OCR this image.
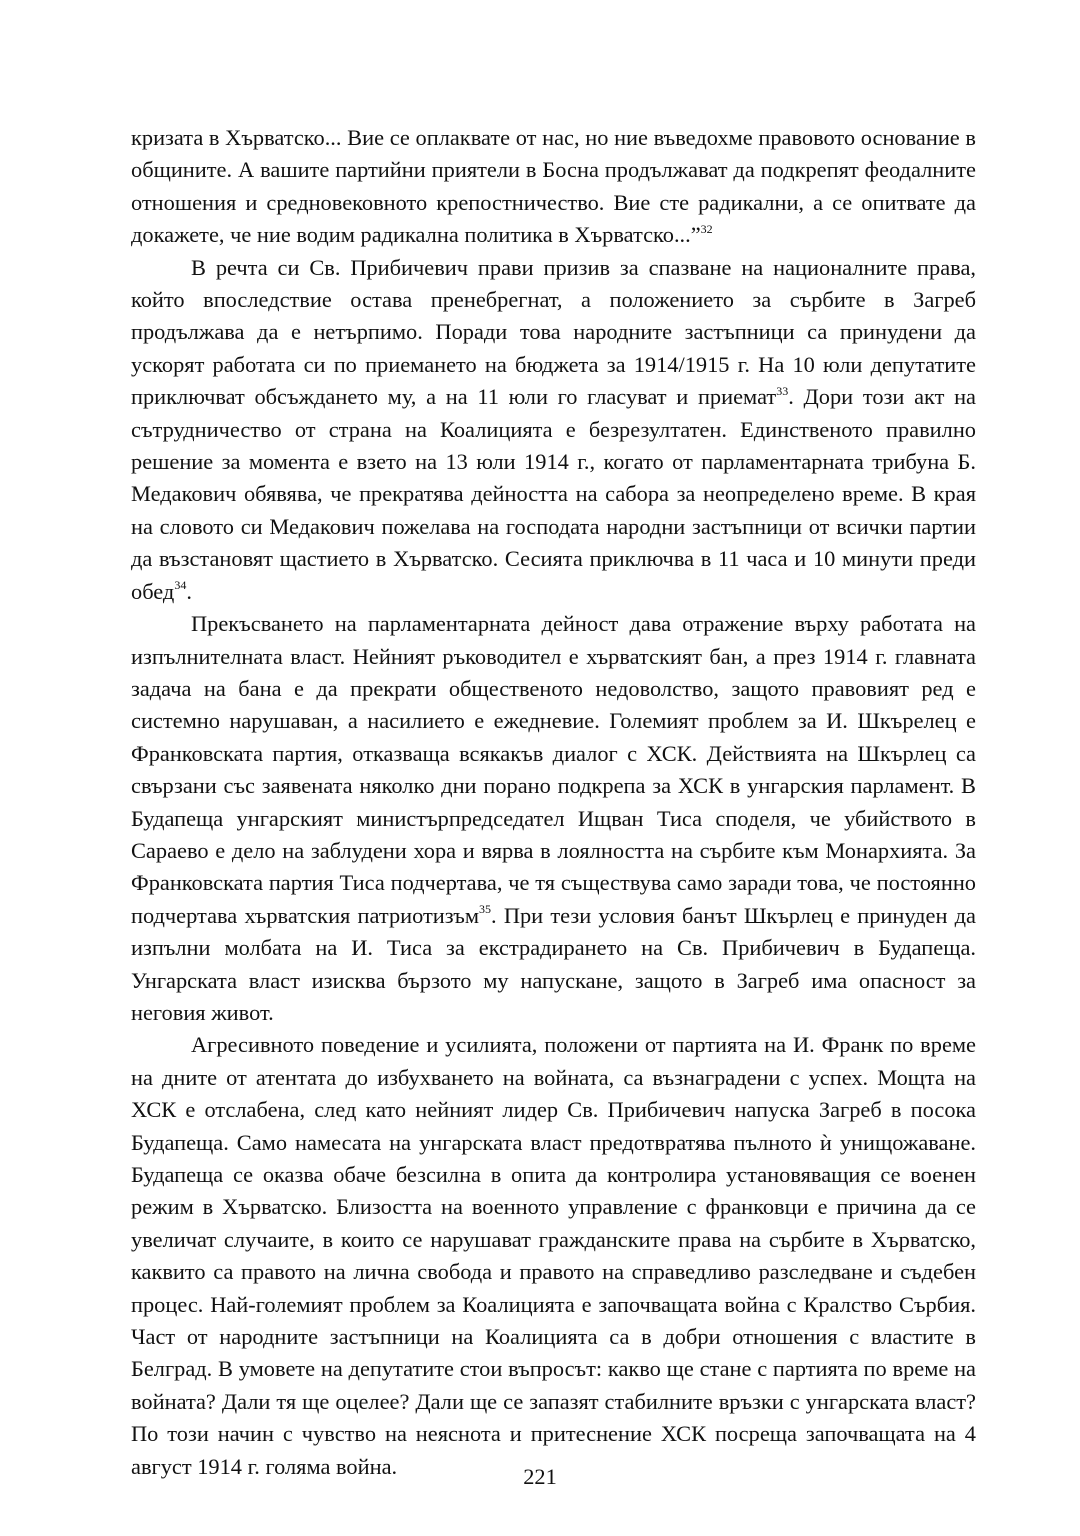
кризата в Хърватско... Вие се оплаквате от нас, но ние въведохме правовото основание в общините. А вашите партийни приятели в Босна продължават да подкрепят феодалните отношения и средновековното крепостничество. Вие сте радикални, а се опитвате да докажете, че ние водим радикална политика в Хърватско...”$^{32}$

В речта си Св. Прибичевич прави призив за спазване на националните права, който впоследствие остава пренебрегнат, а положението за сърбите в Загреб продължава да е нетърпимо. Поради това народните застъпници са принудени да ускорят работата си по приемането на бюджета за 1914/1915 г. На 10 юли депутатите приключват обсъждането му, а на 11 юли го гласуват и приемат$^{33}$. Дори този акт на сътрудничество от страна на Коалицията е безрезултатен. Единственото правилно решение за момента е взето на 13 юли 1914 г., когато от парламентарната трибуна Б. Медакович обявява, че прекратява дейността на сабора за неопределено време. В края на словото си Медакович пожелава на господата народни застъпници от всички партии да възстановят щастието в Хърватско. Сесията приключва в 11 часа и 10 минути преди обед$^{34}$.

Прекъсването на парламентарната дейност дава отражение върху работата на изпълнителната власт. Нейният ръководител е хърватският бан, а през 1914 г. главната задача на бана е да прекрати общественото недоволство, защото правовият ред е системно нарушаван, а насилието е ежедневие. Големият проблем за И. Шкърелец е Франковската партия, отказваща всякакъв диалог с ХСК. Действията на Шкърлец са свързани със заявената няколко дни порано подкрепа за ХСК в унгарския парламент. В Будапеща унгарският министърпредседател Ищван Тиса споделя, че убийството в Сараево е дело на заблудени хора и вярва в лоялността на сърбите към Монархията. За Франковската партия Тиса подчертава, че тя съществува само заради това, че постоянно подчертава хърватския патриотизъм$^{35}$. При тези условия банът Шкърлец е принуден да изпълни молбата на И. Тиса за екстрадирането на Св. Прибичевич в Будапеща. Унгарската власт изисква бързото му напускане, защото в Загреб има опасност за неговия живот.

Агресивното поведение и усилията, положени от партията на И. Франк по време на дните от атентата до избухването на войната, са възнаградени с успех. Мощта на ХСК е отслабена, след като нейният лидер Св. Прибичевич напуска Загреб в посока Будапеща. Само намесата на унгарската власт предотвратява пълното ѝ унищожаване. Будапеща се оказва обаче безсилна в опита да контролира установяващия се военен режим в Хърватско. Близостта на военното управление с франковци е причина да се увеличат случаите, в които се нарушават гражданските права на сърбите в Хърватско, каквито са правото на лична свобода и правото на справедливо разследване и съдебен процес. Най-големият проблем за Коалицията е започващата война с Кралство Сърбия. Част от народните застъпници на Коалицията са в добри отношения с властите в Белград. В умовете на депутатите стои въпросът: какво ще стане с партията по време на войната? Дали тя ще оцелее? Дали ще се запазят стабилните връзки с унгарската власт? По този начин с чувство на неяснота и притеснение ХСК посреща започващата на 4 август 1914 г. голяма война.	221
